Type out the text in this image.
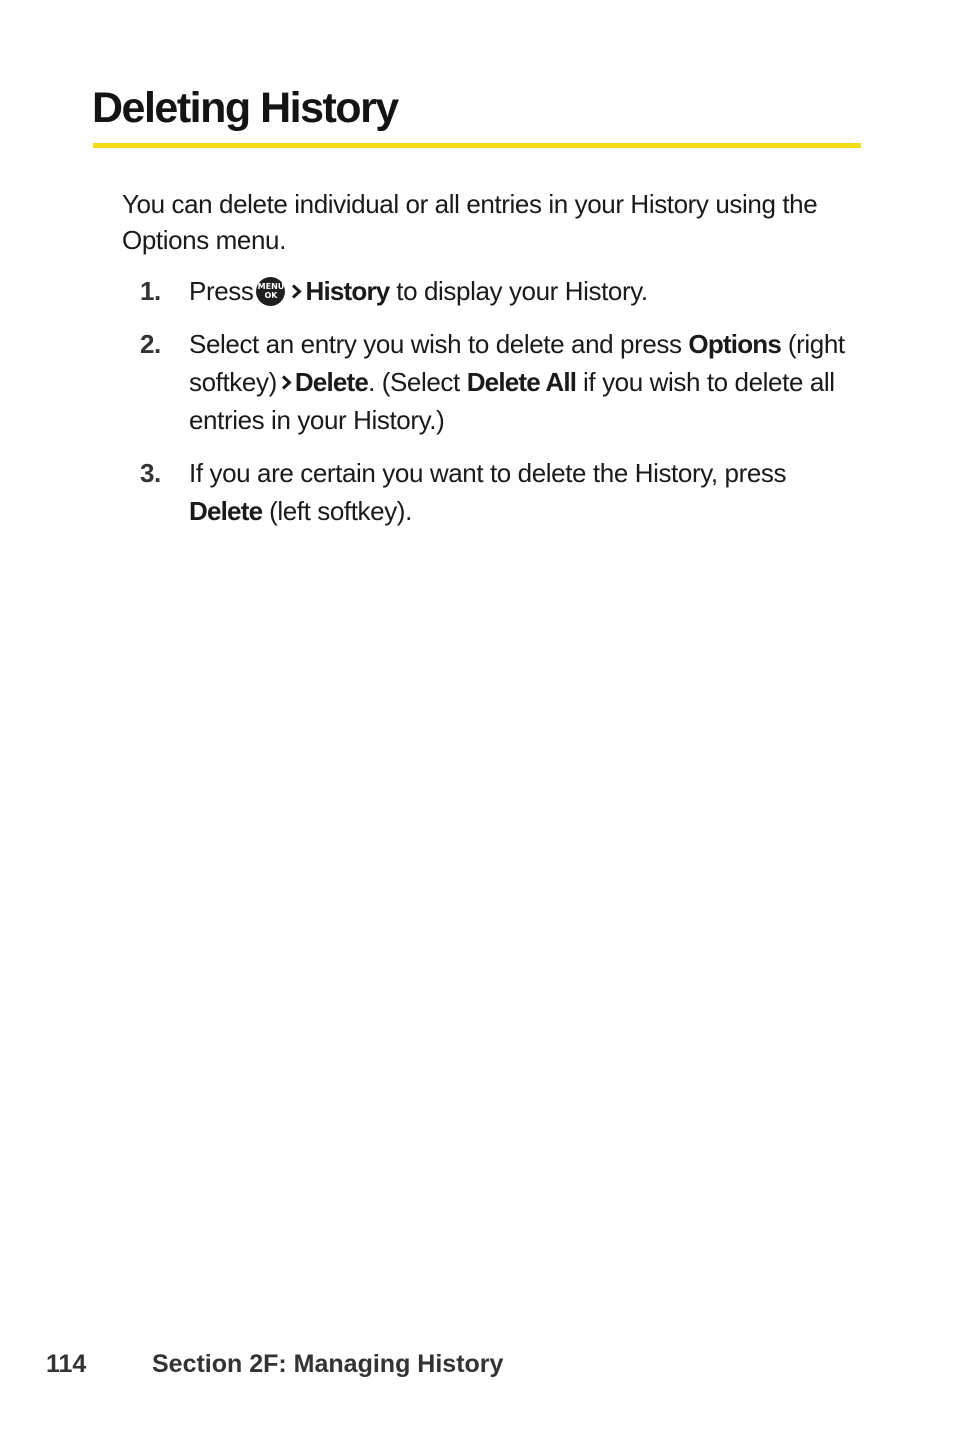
Deleting History

You can delete individual or all entries in your History using the Options menu.

1. Press MENU
OK	History to display your History.
2. Select an entry you wish to delete and press Options (right softkey) Delete. (Select Delete All if you wish to delete all entries in your History.)
3. If you are certain you want to delete the History, press Delete (left softkey).
114	Section 2F: Managing History
